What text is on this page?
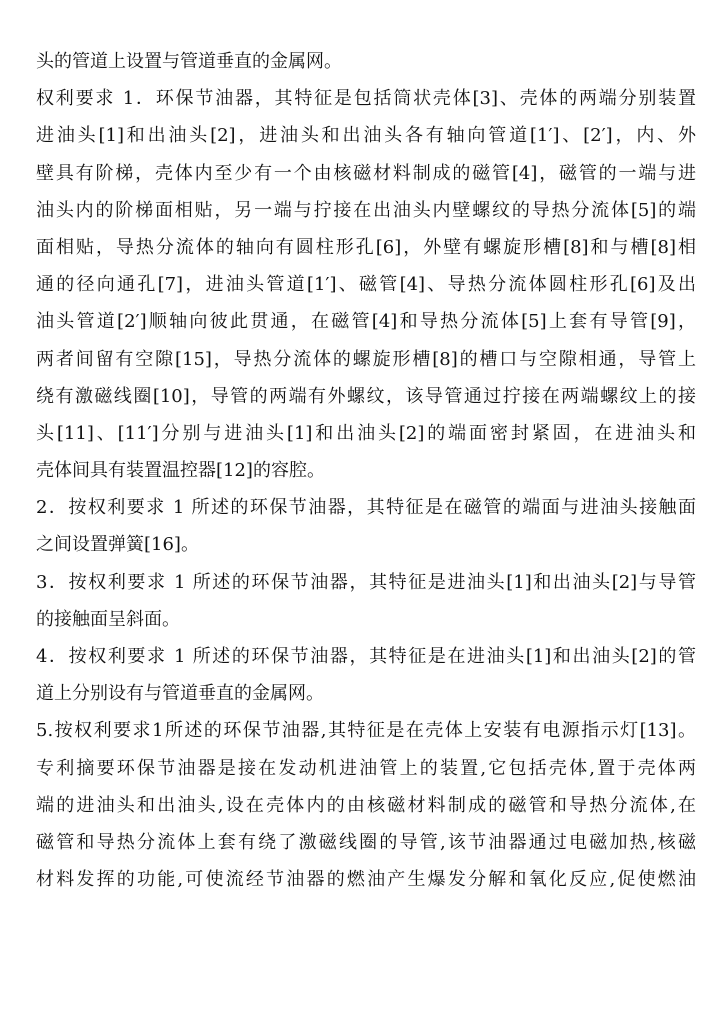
头的管道上设置与管道垂直的金属网。
权利要求 1．环保节油器，其特征是包括筒状壳体[3]、壳体的两端分别装置
进油头[1]和出油头[2]，进油头和出油头各有轴向管道[1′]、[2′]，内、外
壁具有阶梯，壳体内至少有一个由核磁材料制成的磁管[4]，磁管的一端与进
油头内的阶梯面相贴，另一端与拧接在出油头内壁螺纹的导热分流体[5]的端
面相贴，导热分流体的轴向有圆柱形孔[6]，外壁有螺旋形槽[8]和与槽[8]相
通的径向通孔[7]，进油头管道[1′]、磁管[4]、导热分流体圆柱形孔[6]及出
油头管道[2′]顺轴向彼此贯通，在磁管[4]和导热分流体[5]上套有导管[9]，
两者间留有空隙[15]，导热分流体的螺旋形槽[8]的槽口与空隙相通，导管上
绕有激磁线圈[10]，导管的两端有外螺纹，该导管通过拧接在两端螺纹上的接
头[11]、[11′]分别与进油头[1]和出油头[2]的端面密封紧固，在进油头和
壳体间具有装置温控器[12]的容腔。
2．按权利要求 1 所述的环保节油器，其特征是在磁管的端面与进油头接触面
之间设置弹簧[16]。
3．按权利要求 1 所述的环保节油器，其特征是进油头[1]和出油头[2]与导管
的接触面呈斜面。
4．按权利要求 1 所述的环保节油器，其特征是在进油头[1]和出油头[2]的管
道上分别设有与管道垂直的金属网。
5.按权利要求1所述的环保节油器,其特征是在壳体上安装有电源指示灯[13]。
专利摘要环保节油器是接在发动机进油管上的装置,它包括壳体,置于壳体两
端的进油头和出油头,设在壳体内的由核磁材料制成的磁管和导热分流体,在
磁管和导热分流体上套有绕了激磁线圈的导管,该节油器通过电磁加热,核磁
材料发挥的功能,可使流经节油器的燃油产生爆发分解和氧化反应,促使燃油
